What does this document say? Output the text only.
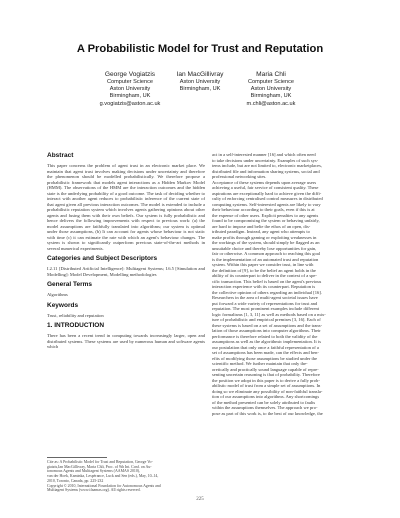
A Probabilistic Model for Trust and Reputation
George Vogiatzis
Computer Science
Aston University
Birmingham, UK
g.vogiatzis@aston.ac.uk
Ian MacGillivray
Aston University
Birmingham, UK
Maria Chli
Computer Science
Aston University
Birmingham, UK
m.chli@aston.ac.uk
Abstract

This paper concerns the problem of agent trust in an electronic market place. We maintain that agent trust involves making decisions under uncertainty and therefore the phenomenon should be modelled probabilistically. We therefore propose a probabilistic framework that models agent interactions as a Hidden Markov Model (HMM). The observations of the HMM are the interaction outcomes and the hidden state is the underlying probability of a good outcome. The task of deciding whether to interact with another agent reduces to probabilistic inference of the current state of that agent given all previous interaction outcomes. The model is extended to include a probabilistic reputation system which involves agents gathering opinions about other agents and fusing them with their own beliefs. Our system is fully probabilistic and hence delivers the following improvements with respect to previous work: (a) the model assumptions are faithfully translated into algorithms; our system is optimal under those assumptions, (b) It can account for agents whose behaviour is not static with time (c) it can estimate the rate with which an agent's behaviour changes. The system is shown to significantly outperform previous state-of-the-art methods in several numerical experiments.

Categories and Subject Descriptors

I.2.11 [Distributed Artificial Intelligence]: Multiagent Systems; I.6.5 [Simulation and Modelling]: Model Development, Modelling methodologies

General Terms

Algorithms

Keywords

Trust, reliability and reputation

1. INTRODUCTION

There has been a recent trend in computing towards increasingly larger, open and distributed systems. These systems are used by numerous human and software agents which

Cite as: A Probabilistic Model for Trust and Reputation, George Vo-
giatzis,Ian MacGillivray, Maria Chli, Proc. of 9th Int. Conf. on Au-
tonomous Agents and Multiagent Systems (AAMAS 2010),
van der Hoek, Kaminka, Lespérance, Luck and Sen (eds.), May, 10–14,
2010, Toronto, Canada, pp. 225-232
Copyright © 2010, International Foundation for Autonomous Agents and
Multiagent Systems (www.ifaamas.org). All rights reserved.
act in a self-interested manner [16] and which often need
to take decisions under uncertainty. Examples of such sys-
tems include, but are not limited to, electronic marketplaces,
distributed file and information sharing systems, social and
professional networking sites.
Acceptance of these systems depends upon average users
achieving a useful, fair service of consistent quality. These
aspirations are exceptionally hard to achieve given the diffi-
culty of enforcing centralised control measures in distributed
computing systems. Self-interested agents are likely to vary
their behaviour according to their goals, even if this is at
the expense of other users. Explicit penalties to any agents
found to be compromising the system or behaving unfairly,
are hard to impose and belie the ethos of an open, dis-
tributed paradigm. Instead, any agent who attempts to
make profits through gaming or exploiting weaknesses in
the workings of the system, should simply be flagged as an
unsuitable choice and thereby lose opportunities for gain,
fair or otherwise. A common approach to reaching this goal
is the implementation of an automated trust and reputation
system. Within this paper we consider trust, in line with
the definition of [9], to be the belief an agent holds in the
ability of its counterpart to deliver in the context of a spe-
cific transaction. This belief is based on the agent's previous
interaction experience with its counterpart. Reputation is
the collective opinion of others regarding an individual [16].
Researchers in the area of multi-agent societal issues have
put forward a wide variety of representations for trust and
reputation. The most prominent examples include different
logic formalisms [1, 3, 11] as well as methods based on a mix-
ture of probabilistic and empirical premises [3, 16]. Each of
these systems is based on a set of assumptions and the trans-
lation of those assumptions into computer algorithms. Their
performance is therefore related to both the validity of the
assumptions as well as the algorithmic implementation. It is
our postulation that only once a faithful representation of a
set of assumptions has been made, can the effects and ben-
efits of modifying those assumptions be studied under the
scientific method. We further maintain that only the-
oretically and practically sound language capable of repre-
senting uncertain reasoning is that of probability. Therefore
the position we adopt in this paper is to derive a fully prob-
abilistic model of trust from a simple set of assumptions. In
doing so we eliminate any possibility of non-faithful transla-
tion of our assumptions into algorithms. Any shortcomings
of the method presented can be solely attributed to faults
within the assumptions themselves. The approach we pro-
pose as part of this work is, to the best of our knowledge, the
225
